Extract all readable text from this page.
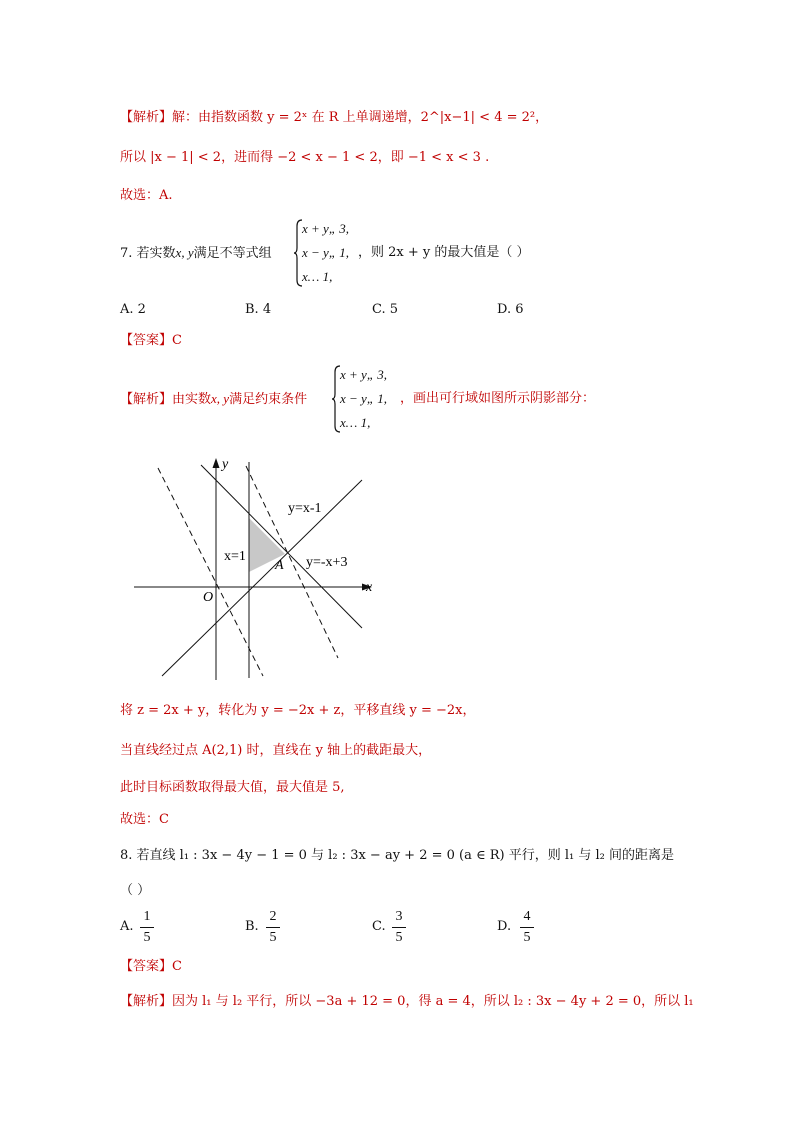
【解析】解：由指数函数 y = 2ˣ 在 R 上单调递增，2^|x−1| < 4 = 2²，
所以 |x − 1| < 2，进而得 −2 < x − 1 < 2，即 −1 < x < 3 .
故选：A.
7. 若实数x, y满足不等式组
x + y„ 3,
x − y„ 1,
x… 1,
，则 2x + y 的最大值是（ ）
A. 2	B. 4	C. 5	D. 6
【答案】C
【解析】由实数x, y满足约束条件
x + y„ 3,
x − y„ 1,
x… 1,
，画出可行域如图所示阴影部分：
y
x
O
y=x-1
y=-x+3
x=1
A
将 z = 2x + y，转化为 y = −2x + z，平移直线 y = −2x，
当直线经过点 A(2,1) 时，直线在 y 轴上的截距最大，
此时目标函数取得最大值，最大值是 5,
故选：C
8. 若直线 l₁ : 3x − 4y − 1 = 0 与 l₂ : 3x − ay + 2 = 0 (a ∈ R) 平行，则 l₁ 与 l₂ 间的距离是
（ ）
A.
1
5
B.
2
5
C.
3
5
D.
4
5
【答案】C
【解析】因为 l₁ 与 l₂ 平行，所以 −3a + 12 = 0，得 a = 4，所以 l₂ : 3x − 4y + 2 = 0，所以 l₁
